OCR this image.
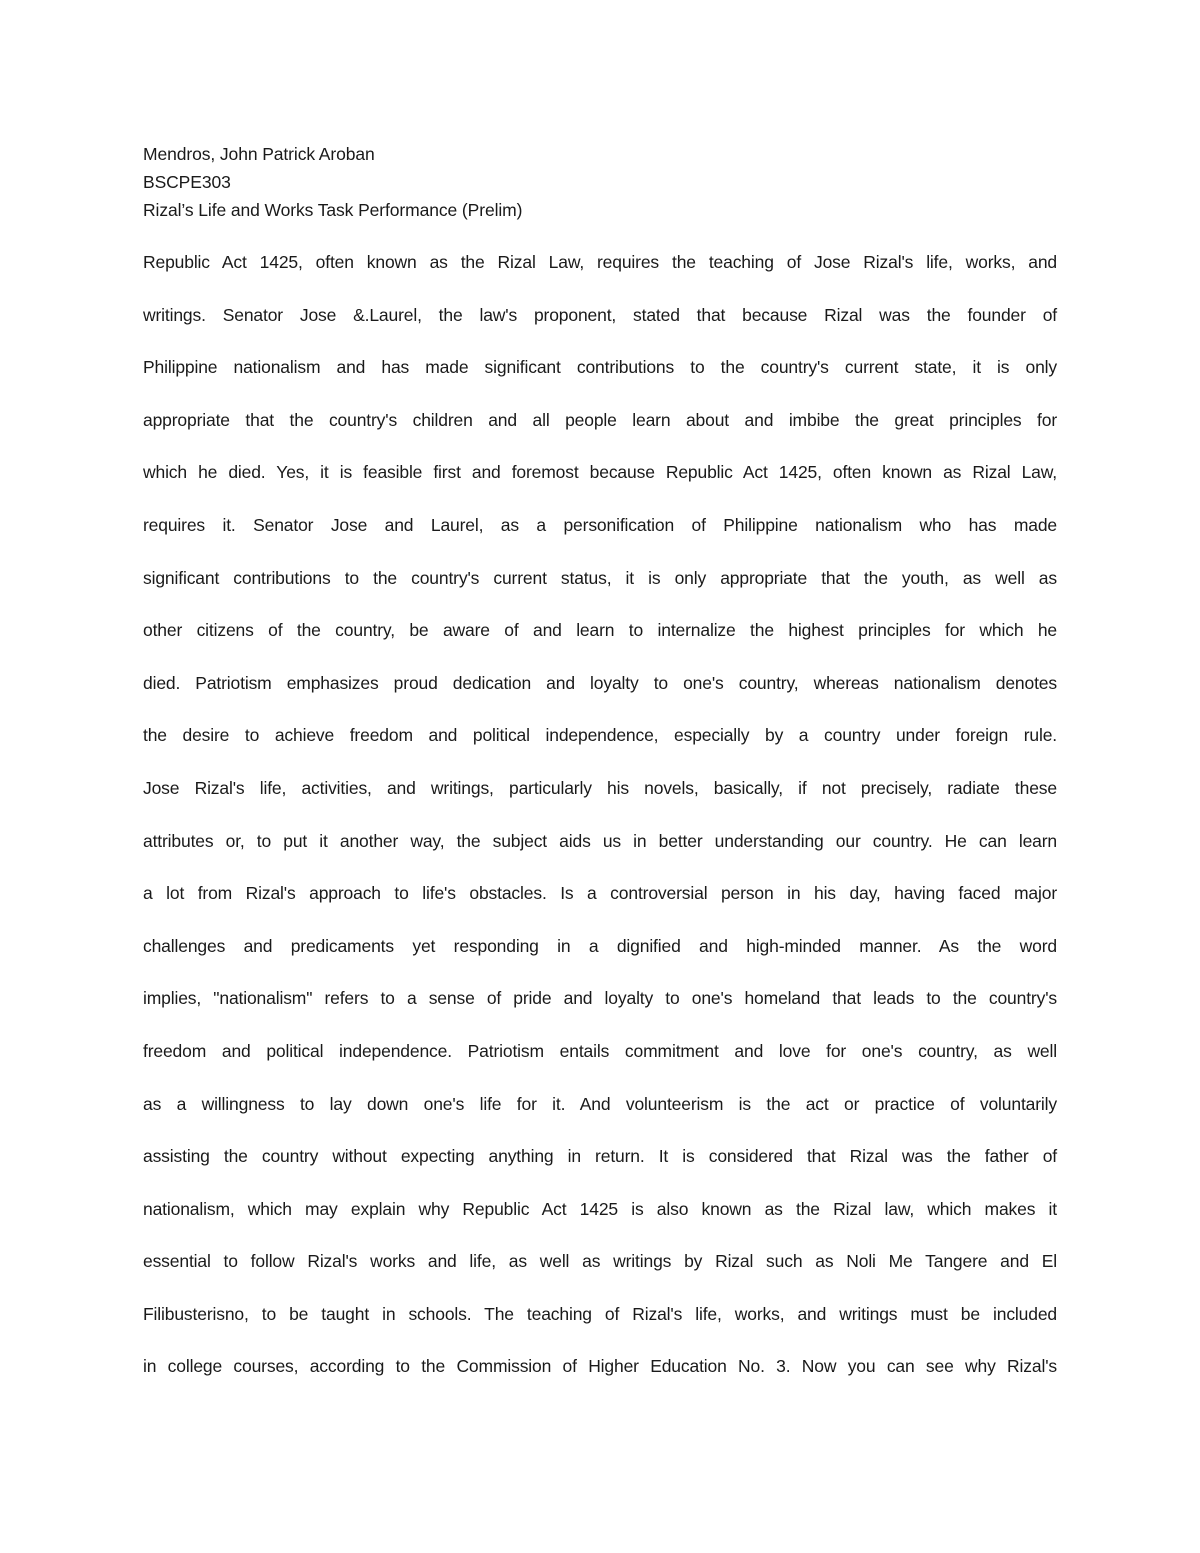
Mendros, John Patrick Aroban
BSCPE303
Rizal’s Life and Works Task Performance (Prelim)
Republic Act 1425, often known as the Rizal Law, requires the teaching of Jose Rizal's life, works, and
writings. Senator Jose &.Laurel, the law's proponent, stated that because Rizal was the founder of
Philippine nationalism and has made significant contributions to the country's current state, it is only
appropriate that the country's children and all people learn about and imbibe the great principles for
which he died. Yes, it is feasible first and foremost because Republic Act 1425, often known as Rizal Law,
requires it. Senator Jose and Laurel, as a personification of Philippine nationalism who has made
significant contributions to the country's current status, it is only appropriate that the youth, as well as
other citizens of the country, be aware of and learn to internalize the highest principles for which he
died. Patriotism emphasizes proud dedication and loyalty to one's country, whereas nationalism denotes
the desire to achieve freedom and political independence, especially by a country under foreign rule.
Jose Rizal's life, activities, and writings, particularly his novels, basically, if not precisely, radiate these
attributes or, to put it another way, the subject aids us in better understanding our country. He can learn
a lot from Rizal's approach to life's obstacles. Is a controversial person in his day, having faced major
challenges and predicaments yet responding in a dignified and high-minded manner. As the word
implies, "nationalism" refers to a sense of pride and loyalty to one's homeland that leads to the country's
freedom and political independence. Patriotism entails commitment and love for one's country, as well
as a willingness to lay down one's life for it. And volunteerism is the act or practice of voluntarily
assisting the country without expecting anything in return. It is considered that Rizal was the father of
nationalism, which may explain why Republic Act 1425 is also known as the Rizal law, which makes it
essential to follow Rizal's works and life, as well as writings by Rizal such as Noli Me Tangere and El
Filibusterisno, to be taught in schools. The teaching of Rizal's life, works, and writings must be included
in college courses, according to the Commission of Higher Education No. 3. Now you can see why Rizal's
